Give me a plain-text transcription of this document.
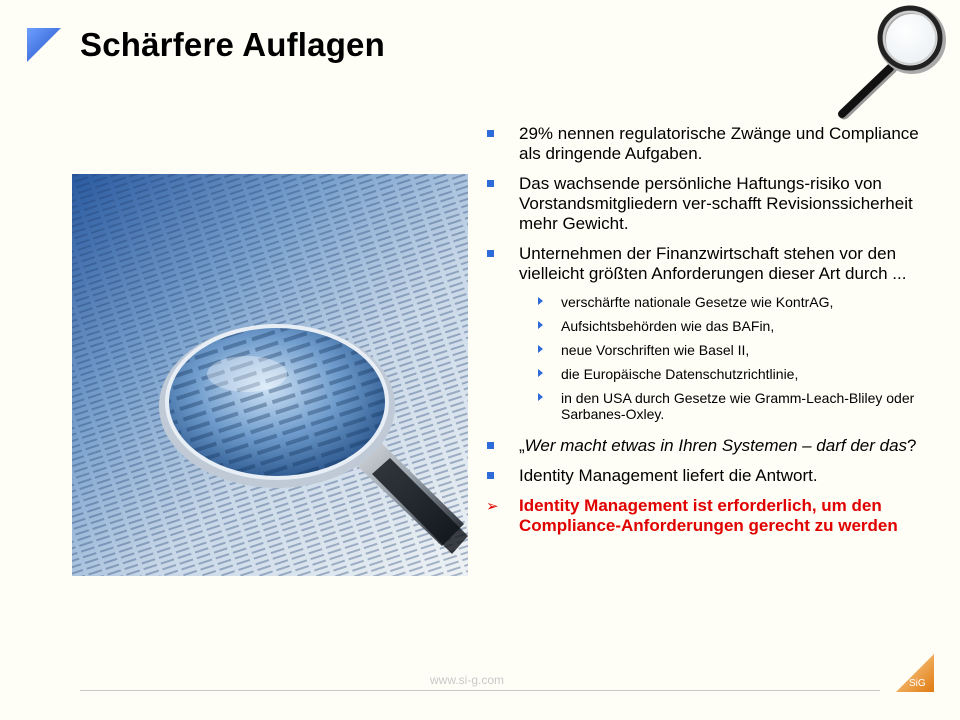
Schärfere Auflagen
29% nennen regulatorische Zwänge und Compliance als dringende Aufgaben.
Das wachsende persönliche Haftungs-risiko von Vorstandsmitgliedern ver-schafft Revisionssicherheit mehr Gewicht.
Unternehmen der Finanzwirtschaft stehen vor den vielleicht größten Anforderungen dieser Art durch ...
verschärfte nationale Gesetze wie KontrAG,
Aufsichtsbehörden wie das BAFin,
neue Vorschriften wie Basel II,
die Europäische Datenschutzrichtlinie,
in den USA durch Gesetze wie Gramm-Leach-Bliley oder Sarbanes-Oxley.
„Wer macht etwas in Ihren Systemen – darf der das?
Identity Management liefert die Antwort.
➢ Identity Management ist erforderlich, um den Compliance-Anforderungen gerecht zu werden
www.si-g.com	SiG
